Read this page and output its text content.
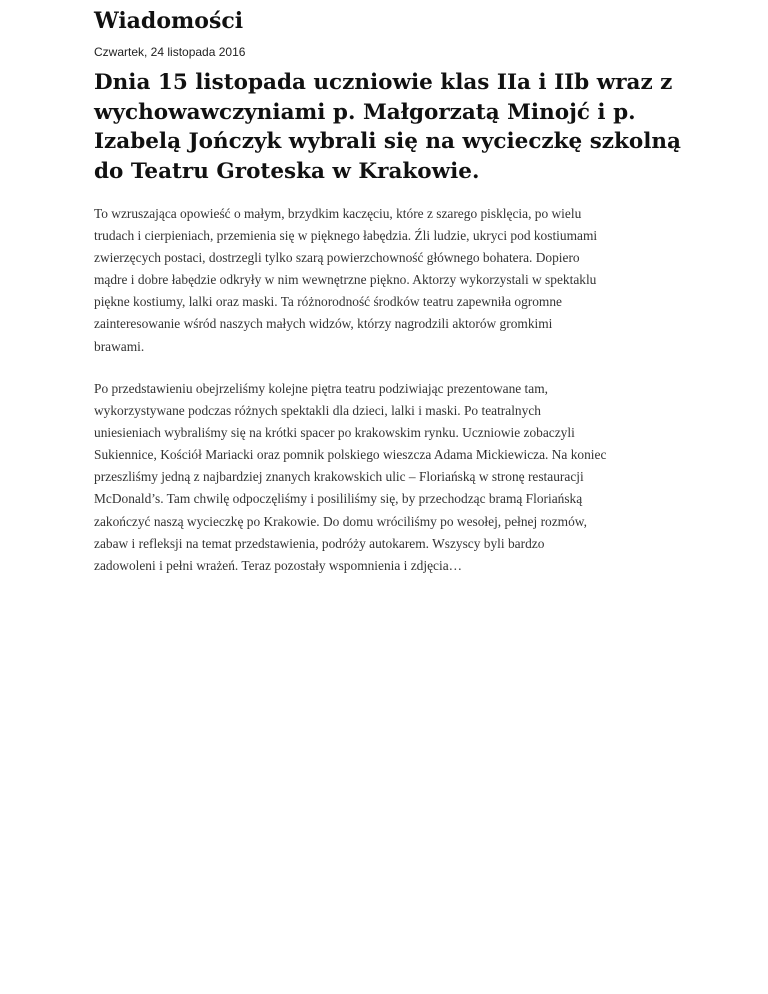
Wiadomości
Czwartek, 24 listopada 2016
Dnia 15 listopada uczniowie klas IIa i IIb wraz z
wychowawczyniami p. Małgorzatą Minojć i p.
Izabelą Jończyk wybrali się na wycieczkę szkolną
do Teatru Groteska w Krakowie.

To wzruszająca opowieść o małym, brzydkim kaczęciu, które z szarego pisklęcia, po wielu
trudach i cierpieniach, przemienia się w pięknego łabędzia. Źli ludzie, ukryci pod kostiumami
zwierzęcych postaci, dostrzegli tylko szarą powierzchowność głównego bohatera. Dopiero
mądre i dobre łabędzie odkryły w nim wewnętrzne piękno. Aktorzy wykorzystali w spektaklu
piękne kostiumy, lalki oraz maski. Ta różnorodność środków teatru zapewniła ogromne
zainteresowanie wśród naszych małych widzów, którzy nagrodzili aktorów gromkimi
brawami.

Po przedstawieniu obejrzeliśmy kolejne piętra teatru podziwiając prezentowane tam,
wykorzystywane podczas różnych spektakli dla dzieci, lalki i maski. Po teatralnych
uniesieniach wybraliśmy się na krótki spacer po krakowskim rynku. Uczniowie zobaczyli
Sukiennice, Kościół Mariacki oraz pomnik polskiego wieszcza Adama Mickiewicza. Na koniec
przeszliśmy jedną z najbardziej znanych krakowskich ulic – Floriańską w stronę restauracji
McDonald’s. Tam chwilę odpoczęliśmy i posililiśmy się, by przechodząc bramą Floriańską
zakończyć naszą wycieczkę po Krakowie. Do domu wróciliśmy po wesołej, pełnej rozmów,
zabaw i refleksji na temat przedstawienia, podróży autokarem. Wszyscy byli bardzo
zadowoleni i pełni wrażeń. Teraz pozostały wspomnienia i zdjęcia…
